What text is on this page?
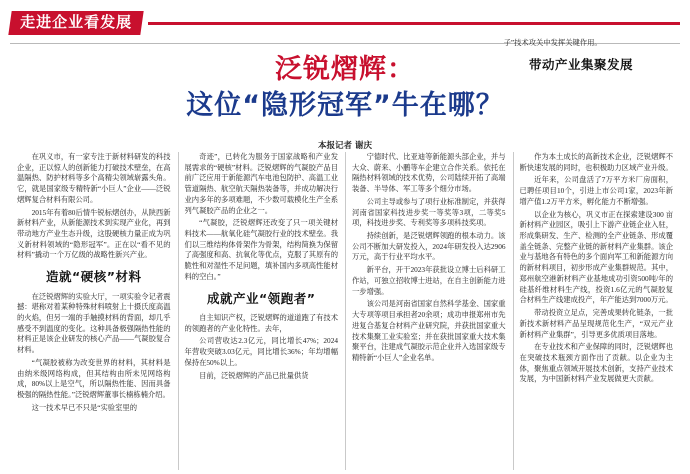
走进企业看发展
泛锐熠辉：
这位“隐形冠军”牛在哪？
本报记者 谢庆

子”技术攻关中发挥关键作用。

带动产业集聚发展

在巩义市，有一家专注于新材料研发的科技企业，正以惊人的创新能力打破技术壁垒，在高温隔热、防护材料等多个高精尖领域崭露头角。它，就是国家级专精特新“小巨人”企业——泛锐熠辉复合材料有限公司。

2015年有着80后情牛锐标熠创办，从陕西新新材料产业，从新能源技术到实现产业化，再到带动地方产业生态升级，这股硬核力量正成为巩义新材料领域的“隐形冠军”。正在以“看不见的材料”撬动一个万亿级的战略性新兴产业。

造就“硬核”材料

在泛锐熠辉的实验大厅，一项实验令记者震撼：堪称对着某种特殊材料喷射上十摄氏度高温的火焰，但另一端的手触摸材料的背面，却几乎感受不到温度的变化。这种具备极强隔热性能的材料正是该企业研发的核心产品——气凝胶复合材料。

“气凝胶被称为改变世界的材料，其材料是由纳米级网络构成，但其结构由所未见网络构成，80%以上是空气，所以隔热性能、因而具备极强的隔热性能。”泛锐熠辉董事长楠栋楠介绍。

这一技术早已不只是“实验室里的

奇迹”，已转化为服务于国家战略和产业发展需求的“硬核”材料。泛锐熠辉的气凝胶产品目前广泛应用于新能源汽车电池包防护、高温工业管道隔热、航空航天隔热装备等，并成功解决行业内多年的多项难题，不少数可载模化生产全系列气凝胶产品的企业之一。

“气凝胶，泛锐熠辉还改变了只一项关键材料技术——航氧化硅气凝胶行业的技术壁垒。我们以三维结构体骨架作为骨架，结构简换为保留了高强度和高、抗氧化等优点，克服了其原有的脆性和对湿性不足问题，填补国内多项高性能材料的空白。”

成就产业“领跑者”

自主知识产权，泛锐熠辉的道道跑了有技术的领跑者的产业化特性。去年，

公司营收达2.3亿元，同比增长47%；2024年营收突破3.03亿元，同比增长36%；年均增幅保持在50%以上。

目前，泛锐熠辉的产品已批量供货

宁德时代、比亚迪等新能源头部企业，并与大众、蔚来、小鹏等车企建立合作关系。依托在隔热材料领域的技术优势，公司陆续开拓了高端装备、半导体、军工等多个细分市场。

公司主导或参与了项行业标准制定，并获得河南省国家科技进步奖一等奖等3项，二等奖5项，科技进步奖、专利奖等多项科技奖项。

持续创新，是泛锐熠辉领跑的根本动力。该公司不断加大研发投入，2024年研发投入达2906万元，高于行业平均水平。

新平台，开干2023年获批设立博士后科研工作站，可独立招收博士进站，在自主创新能力进一步增强。

该公司是河南省国家自然科学基金、国家重大专项等项目承担者20余项；成功申报郑州市先进复合基复合材料产业研究院，并获批国家重大技术集聚工业实验室；并在获批国家重大技术集聚平台，注建成气凝胶示范企业并入选国家级专精特新“小巨人”企业名单。

作为本土成长的高新技术企业，泛锐熠辉不断快速发展的同时，也积极助力区域产业升级。

近年来，公司盘活了7万平方米厂房面积，已聘任项目10个，引进上市公司1家，2023年新增产值1.2万平方米，孵化能力不断增强。

以企业为核心，巩义市正在探索建设300 亩新材料产业园区，吸引上下游产业链企业入驻，形成集研发、生产、检测的全产业链条、形成覆盖全链条、完整产业链的新材料产业集群。该企业与基地各有特色的多个面向军工和新能源方向的新材料项目，初步形成产业集群规范。其中，郑州航空港新材料产业基地成功引资500吨/年的硅基纤维材料生产线，投资1.6亿元的气凝胶复合材料生产线建成投产，年产能达到7000万元。

带动投资立足点，完善成果转化链条，一批新技术新材料产品呈现规范化生产，“双元产业新材料产业集群”，引导更多优质项目落地。

在专业技术和产业保障的同时，泛锐熠辉也在突破技术瓶颈方面作出了贡献。以企业为主体，聚焦重点领域开展技术创新，支持产业技术发展，为中国新材料产业发展做更大贡献。
